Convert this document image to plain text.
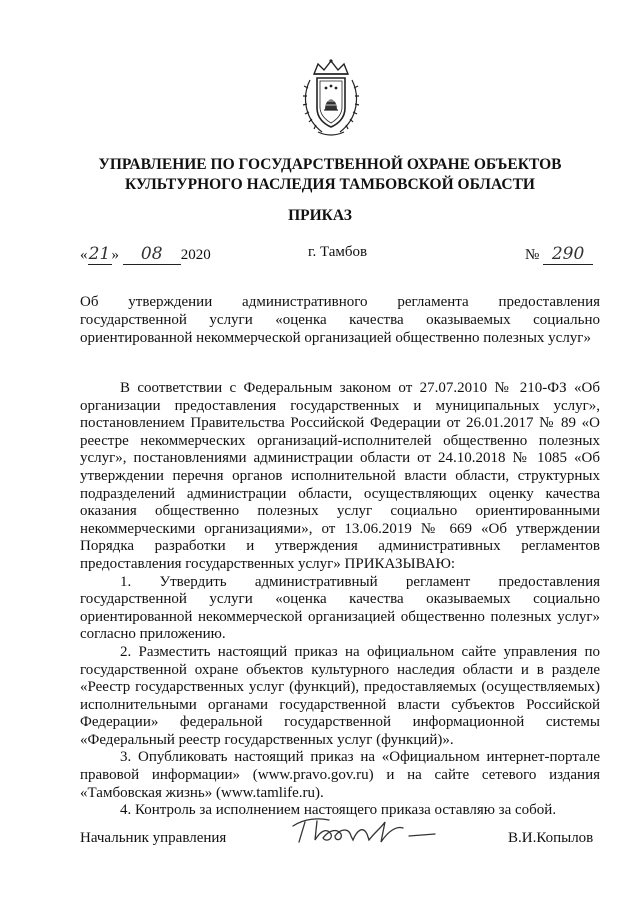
УПРАВЛЕНИЕ ПО ГОСУДАРСТВЕННОЙ ОХРАНЕ ОБЪЕКТОВ
КУЛЬТУРНОГО НАСЛЕДИЯ ТАМБОВСКОЙ ОБЛАСТИ
ПРИКАЗ
«21» 08 2020	г. Тамбов	№ 290
Об утверждении административного регламента предоставления государственной услуги «оценка качества оказываемых социально ориентированной некоммерческой организацией общественно полезных услуг»

В соответствии с Федеральным законом от 27.07.2010 № 210-ФЗ «Об организации предоставления государственных и муниципальных услуг», постановлением Правительства Российской Федерации от 26.01.2017 № 89 «О реестре некоммерческих организаций-исполнителей общественно полезных услуг», постановлениями администрации области от 24.10.2018 № 1085 «Об утверждении перечня органов исполнительной власти области, структурных подразделений администрации области, осуществляющих оценку качества оказания общественно полезных услуг социально ориентированными некоммерческими организациями», от 13.06.2019 № 669 «Об утверждении Порядка разработки и утверждения административных регламентов предоставления государственных услуг» ПРИКАЗЫВАЮ:

1. Утвердить административный регламент предоставления государственной услуги «оценка качества оказываемых социально ориентированной некоммерческой организацией общественно полезных услуг» согласно приложению.

2. Разместить настоящий приказ на официальном сайте управления по государственной охране объектов культурного наследия области и в разделе «Реестр государственных услуг (функций), предоставляемых (осуществляемых) исполнительными органами государственной власти субъектов Российской Федерации» федеральной государственной информационной системы «Федеральный реестр государственных услуг (функций)».

3. Опубликовать настоящий приказ на «Официальном интернет-портале правовой информации» (www.pravo.gov.ru) и на сайте сетевого издания «Тамбовская жизнь» (www.tamlife.ru).

4. Контроль за исполнением настоящего приказа оставляю за собой.

Начальник управления	В.И.Копылов
